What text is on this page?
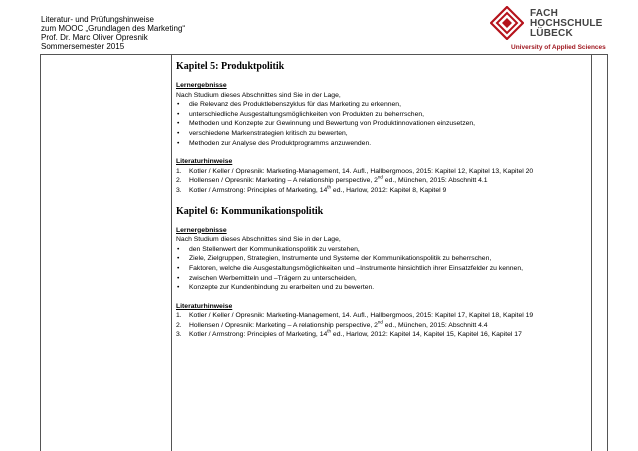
Literatur- und Prüfungshinweise
zum MOOC „Grundlagen des Marketing“
Prof. Dr. Marc Oliver Opresnik
Sommersemester 2015
FACH
HOCHSCHULE
LÜBECK
University of Applied Sciences
Kapitel 5: Produktpolitik
Lernergebnisse
Nach Studium dieses Abschnittes sind Sie in der Lage,
• die Relevanz des Produktlebenszyklus für das Marketing zu erkennen,
• unterschiedliche Ausgestaltungsmöglichkeiten von Produkten zu beherrschen,
• Methoden und Konzepte zur Gewinnung und Bewertung von Produktinnovationen einzusetzen,
• verschiedene Markenstrategien kritisch zu bewerten,
• Methoden zur Analyse des Produktprogramms anzuwenden.
Literaturhinweise
1. Kotler / Keller / Opresnik: Marketing-Management, 14. Aufl., Hallbergmoos, 2015: Kapitel 12, Kapitel 13, Kapitel 20
2. Hollensen / Opresnik: Marketing – A relationship perspective, 2nd ed., München, 2015: Abschnitt 4.1
3. Kotler / Armstrong: Principles of Marketing, 14th ed., Harlow, 2012: Kapitel 8, Kapitel 9
Kapitel 6: Kommunikationspolitik
Lernergebnisse
Nach Studium dieses Abschnittes sind Sie in der Lage,
• den Stellenwert der Kommunikationspolitik zu verstehen,
• Ziele, Zielgruppen, Strategien, Instrumente und Systeme der Kommunikationspolitik zu beherrschen,
• Faktoren, welche die Ausgestaltungsmöglichkeiten und –Instrumente hinsichtlich ihrer Einsatzfelder zu kennen,
• zwischen Werbemitteln und –Trägern zu unterscheiden,
• Konzepte zur Kundenbindung zu erarbeiten und zu bewerten.
Literaturhinweise
1. Kotler / Keller / Opresnik: Marketing-Management, 14. Aufl., Hallbergmoos, 2015: Kapitel 17, Kapitel 18, Kapitel 19
2. Hollensen / Opresnik: Marketing – A relationship perspective, 2nd ed., München, 2015: Abschnitt 4.4
3. Kotler / Armstrong: Principles of Marketing, 14th ed., Harlow, 2012: Kapitel 14, Kapitel 15, Kapitel 16, Kapitel 17
